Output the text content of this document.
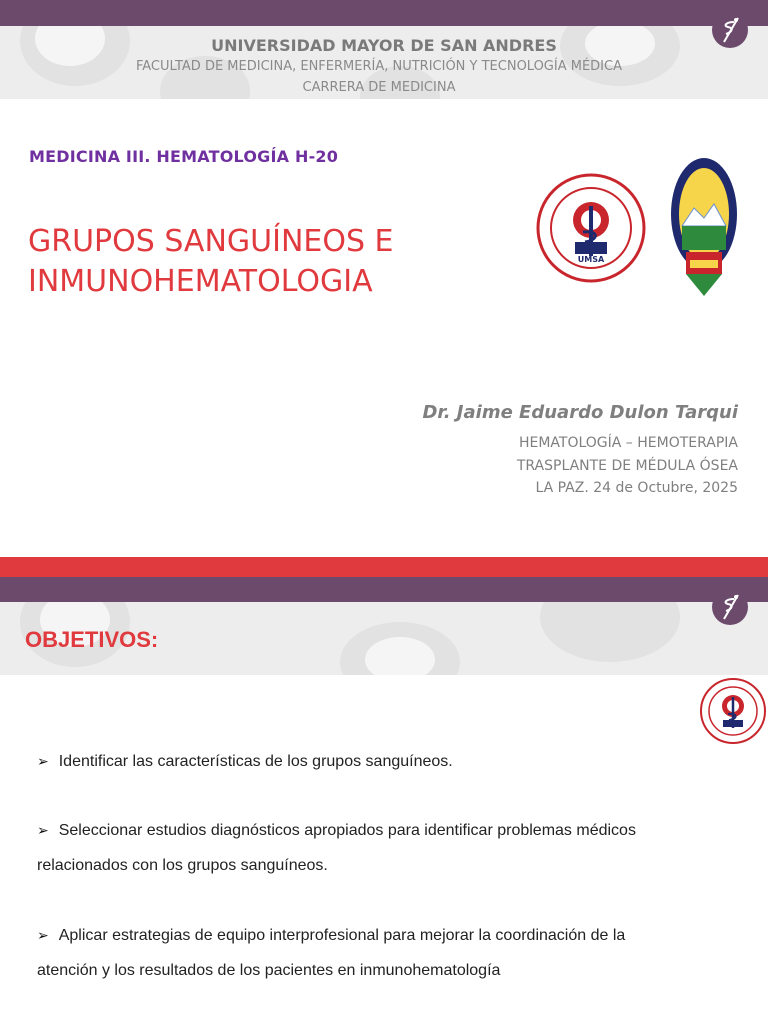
UNIVERSIDAD MAYOR DE SAN ANDRES
FACULTAD DE MEDICINA, ENFERMERÍA, NUTRICIÓN Y TECNOLOGÍA MÉDICA
CARRERA DE MEDICINA
MEDICINA III. HEMATOLOGÍA H-20
GRUPOS SANGUÍNEOS E
INMUNOHEMATOLOGIA
UMSA
Dr. Jaime Eduardo Dulon Tarqui
HEMATOLOGÍA – HEMOTERAPIA
TRASPLANTE DE MÉDULA ÓSEA
LA PAZ. 24 de Octubre, 2025
OBJETIVOS:
➢ Identificar las características de los grupos sanguíneos.
➢ Seleccionar estudios diagnósticos apropiados para identificar problemas médicos
relacionados con los grupos sanguíneos.
➢ Aplicar estrategias de equipo interprofesional para mejorar la coordinación de la
atención y los resultados de los pacientes en inmunohematología
